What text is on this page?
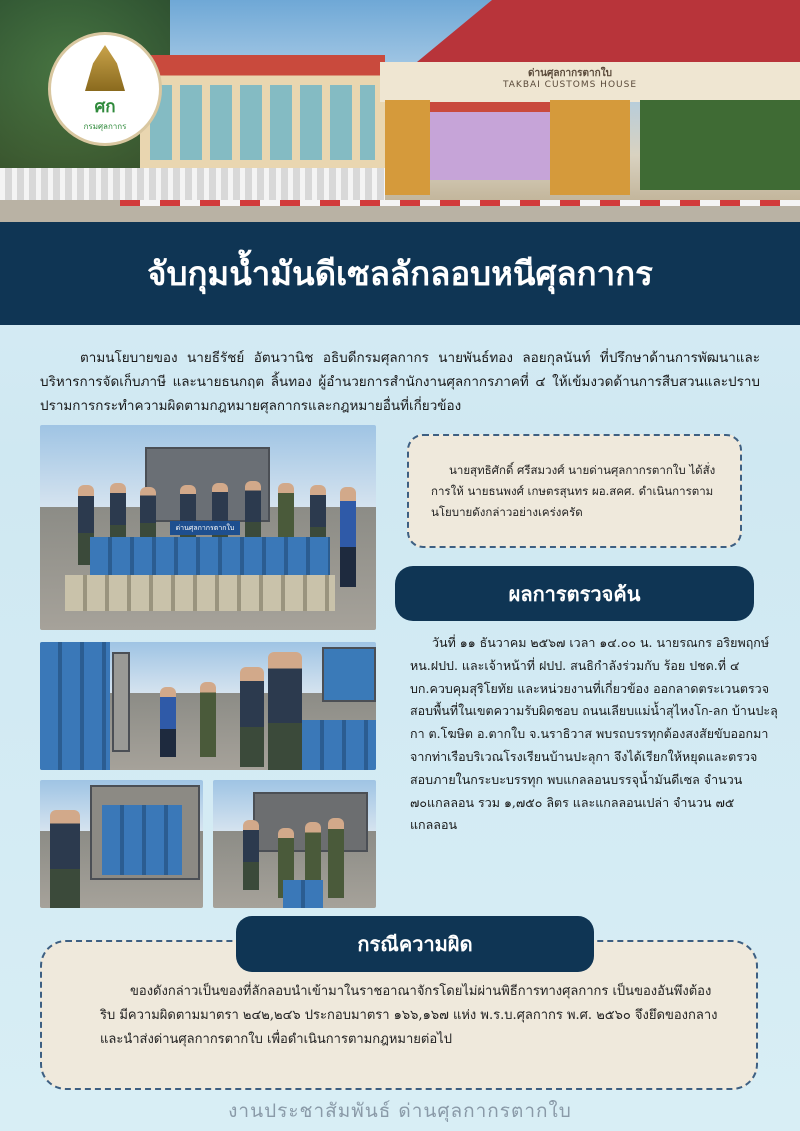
ด่านศุลกากรตากใบ
TAKBAI CUSTOMS HOUSE
ศก
กรมศุลกากร
จับกุมน้ำมันดีเซลลักลอบหนีศุลกากร

ตามนโยบายของ นายธีรัชย์ อัตนวานิช อธิบดีกรมศุลกากร นายพันธ์ทอง ลอยกุลนันท์ ที่ปรึกษาด้านการพัฒนาและบริหารการจัดเก็บภาษี และนายธนกฤต ลิ้นทอง ผู้อำนวยการสำนักงานศุลกากรภาคที่ ๔ ให้เข้มงวดด้านการสืบสวนและปราบปรามการกระทำความผิดตามกฎหมายศุลกากรและกฎหมายอื่นที่เกี่ยวข้อง

ด่านศุลกากรตากใบ

นายสุทธิศักดิ์ ศรีสมวงศ์ นายด่านศุลกากรตากใบ ได้สั่งการให้ นายธนพงศ์ เกษตรสุนทร ผอ.สคศ. ดำเนินการตามนโยบายดังกล่าวอย่างเคร่งครัด

ผลการตรวจค้น

วันที่ ๑๑ ธันวาคม ๒๕๖๗ เวลา ๑๔.๐๐ น. นายรณกร อริยพฤกษ์ หน.ฝปป. และเจ้าหน้าที่ ฝปป. สนธิกำลังร่วมกับ ร้อย ปชด.ที่ ๔ บก.ควบคุมสุริโยทัย และหน่วยงานที่เกี่ยวข้อง ออกลาดตระเวนตรวจสอบพื้นที่ในเขตความรับผิดชอบ ถนนเลียบแม่น้ำสุไหงโก-ลก บ้านปะลุกา ต.โฆษิต อ.ตากใบ จ.นราธิวาส พบรถบรรทุกต้องสงสัยขับออกมาจากท่าเรือบริเวณโรงเรียนบ้านปะลุกา จึงได้เรียกให้หยุดและตรวจสอบภายในกระบะบรรทุก พบแกลลอนบรรจุน้ำมันดีเซล จำนวน ๗๐แกลลอน รวม ๑,๗๕๐ ลิตร และแกลลอนเปล่า จำนวน ๗๕ แกลลอน

ของดังกล่าวเป็นของที่ลักลอบนำเข้ามาในราชอาณาจักรโดยไม่ผ่านพิธีการทางศุลกากร เป็นของอันพึงต้องริบ มีความผิดตามมาตรา ๒๔๒,๒๔๖ ประกอบมาตรา ๑๖๖,๑๖๗ แห่ง พ.ร.บ.ศุลกากร พ.ศ. ๒๕๖๐ จึงยึดของกลาง และนำส่งด่านศุลกากรตากใบ เพื่อดำเนินการตามกฎหมายต่อไป

กรณีความผิด
งานประชาสัมพันธ์ ด่านศุลกากรตากใบ
